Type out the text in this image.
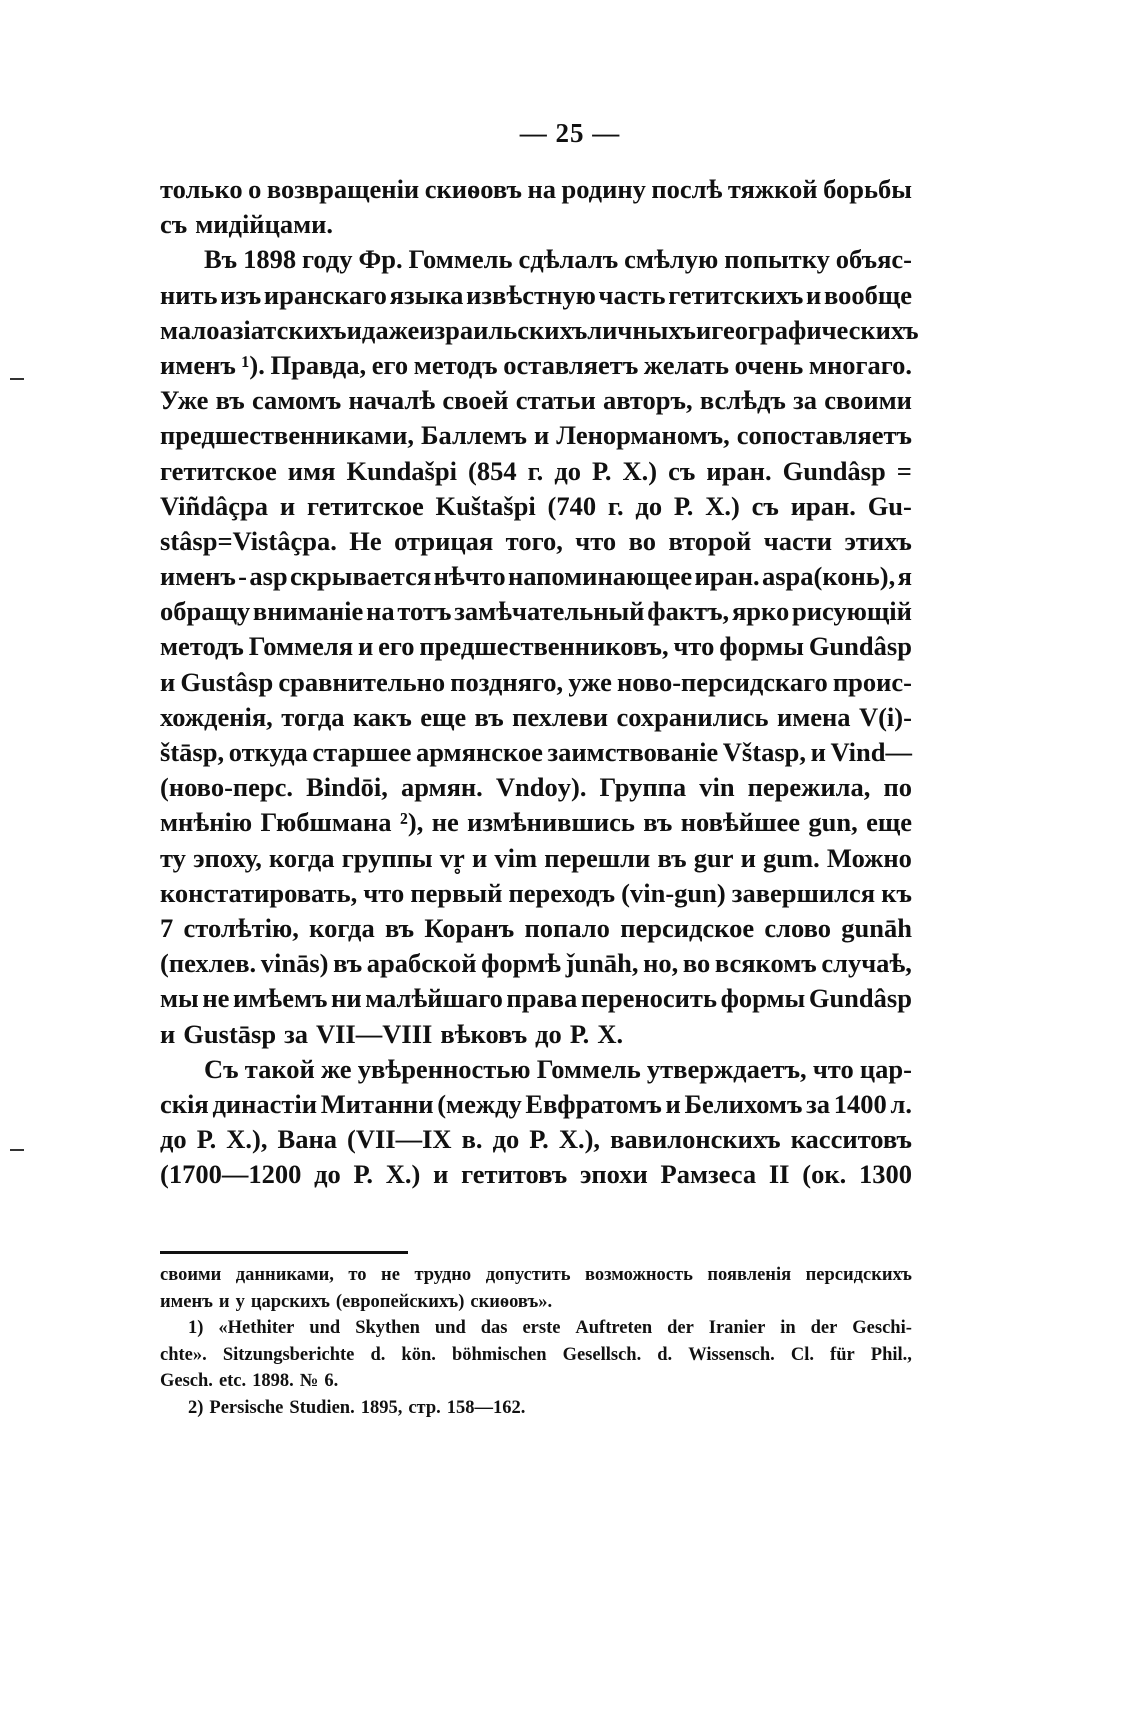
— 25 —
только о возвращеніи скиѳовъ на родину послѣ тяжкой борьбы
съ мидійцами.
Въ 1898 году Фр. Гоммель сдѣлалъ смѣлую попытку объяс-
нить изъ иранскаго языка извѣстную часть гетитскихъ и вообще
малоазіатскихъ и даже израильскихъ личныхъ и географическихъ
именъ ¹). Правда, его методъ оставляетъ желать очень многаго.
Уже въ самомъ началѣ своей статьи авторъ, вслѣдъ за своими
предшественниками, Баллемъ и Ленорманомъ, сопоставляетъ
гетитское имя Kundašpi (854 г. до Р. X.) съ иран. Gundâsp =
Viñdâçpa и гетитское Kuštašpi (740 г. до Р. X.) съ иран. Gu-
stâsp=Vistâçpa. Не отрицая того, что во второй части этихъ
именъ - asp скрывается нѣчто напоминающее иран. aspa(конь), я
обращу вниманіе на тотъ замѣчательный фактъ, ярко рисующій
методъ Гоммеля и его предшественниковъ, что формы Gundâsp
и Gustâsp сравнительно поздняго, уже ново-персидскаго проис-
хожденія, тогда какъ еще въ пехлеви сохранились имена V(i)-
štāsp, откуда старшее армянское заимствованіе Vštasp, и Vind—
(ново-перс. Bindōi, армян. Vndoy). Группа vin пережила, по
мнѣнію Гюбшмана ²), не измѣнившись въ новѣйшее gun, еще
ту эпоху, когда группы vr̥ и vim перешли въ gur и gum. Можно
констатировать, что первый переходъ (vin-gun) завершился къ
7 столѣтію, когда въ Коранъ попало персидское слово gunāh
(пехлев. vinās) въ арабской формѣ ǰunāh, но, во всякомъ случаѣ,
мы не имѣемъ ни малѣйшаго права переносить формы Gundâsp
и Gustāsp за VII—VIII вѣковъ до Р. X.
Съ такой же увѣренностью Гоммель утверждаетъ, что цар-
скія династіи Митанни (между Евфратомъ и Белихомъ за 1400 л.
до Р. X.), Вана (VII—IX в. до Р. X.), вавилонскихъ касситовъ
(1700—1200 до Р. X.) и гетитовъ эпохи Рамзеса II (ок. 1300
своими данниками, то не трудно допустить возможность появленія персидскихъ
именъ и у царскихъ (европейскихъ) скиѳовъ».
1) «Hethiter und Skythen und das erste Auftreten der Iranier in der Geschi-
chte». Sitzungsberichte d. kön. böhmischen Gesellsch. d. Wissensch. Cl. für Phil.,
Gesch. etc. 1898. № 6.
2) Persische Studien. 1895, стр. 158—162.
